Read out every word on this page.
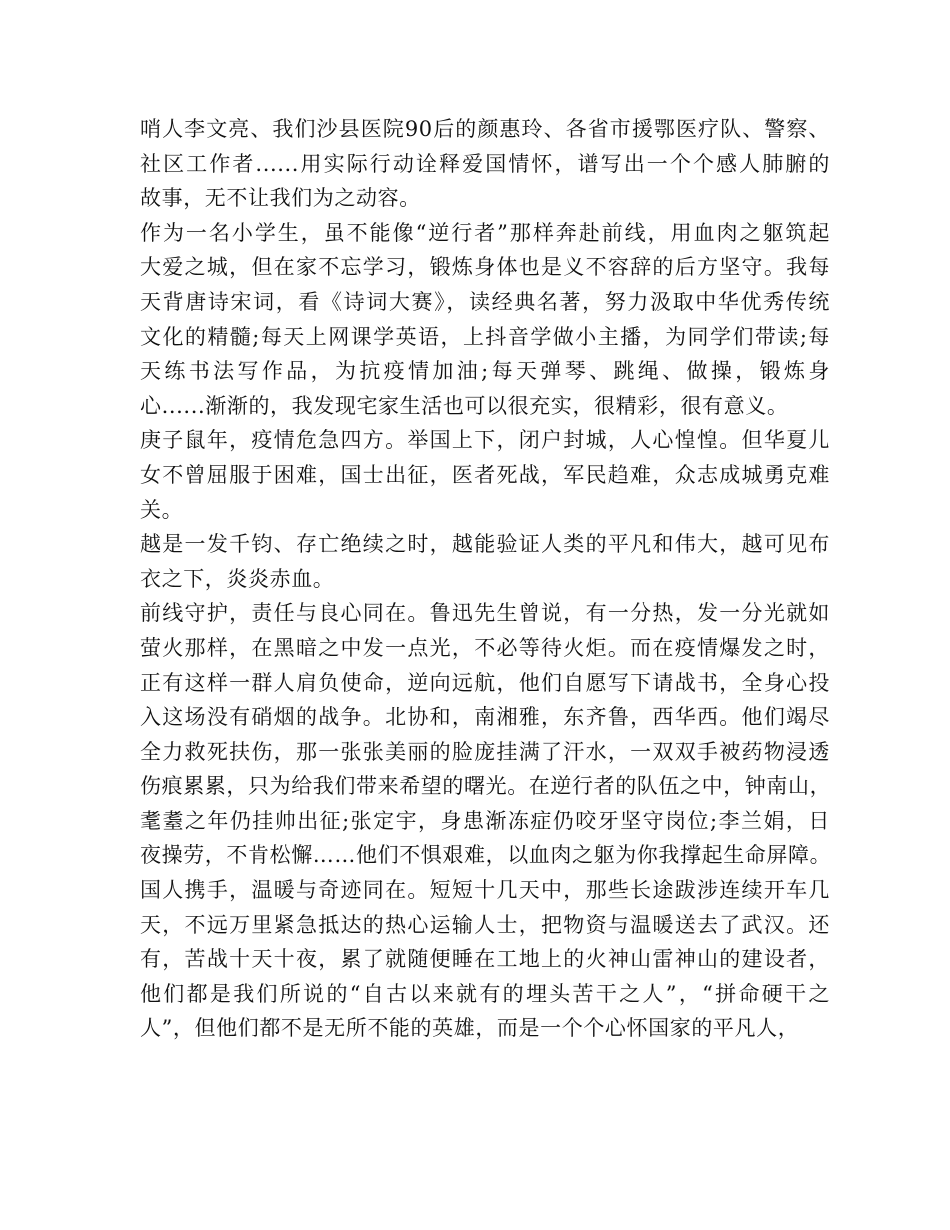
哨人李文亮、我们沙县医院90后的颜惠玲、各省市援鄂医疗队、警察、
社区工作者......用实际行动诠释爱国情怀，谱写出一个个感人肺腑的
故事，无不让我们为之动容。
作为一名小学生，虽不能像“逆行者”那样奔赴前线，用血肉之躯筑起
大爱之城，但在家不忘学习，锻炼身体也是义不容辞的后方坚守。我每
天背唐诗宋词，看《诗词大赛》，读经典名著，努力汲取中华优秀传统
文化的精髓;每天上网课学英语，上抖音学做小主播，为同学们带读;每
天练书法写作品，为抗疫情加油;每天弹琴、跳绳、做操，锻炼身
心......渐渐的，我发现宅家生活也可以很充实，很精彩，很有意义。
庚子鼠年，疫情危急四方。举国上下，闭户封城，人心惶惶。但华夏儿
女不曾屈服于困难，国士出征，医者死战，军民趋难，众志成城勇克难
关。
越是一发千钧、存亡绝续之时，越能验证人类的平凡和伟大，越可见布
衣之下，炎炎赤血。
前线守护，责任与良心同在。鲁迅先生曾说，有一分热，发一分光就如
萤火那样，在黑暗之中发一点光，不必等待火炬。而在疫情爆发之时，
正有这样一群人肩负使命，逆向远航，他们自愿写下请战书，全身心投
入这场没有硝烟的战争。北协和，南湘雅，东齐鲁，西华西。他们竭尽
全力救死扶伤，那一张张美丽的脸庞挂满了汗水，一双双手被药物浸透
伤痕累累，只为给我们带来希望的曙光。在逆行者的队伍之中，钟南山，
耄耋之年仍挂帅出征;张定宇，身患渐冻症仍咬牙坚守岗位;李兰娟，日
夜操劳，不肯松懈……他们不惧艰难，以血肉之躯为你我撑起生命屏障。
国人携手，温暖与奇迹同在。短短十几天中，那些长途跋涉连续开车几
天，不远万里紧急抵达的热心运输人士，把物资与温暖送去了武汉。还
有，苦战十天十夜，累了就随便睡在工地上的火神山雷神山的建设者，
他们都是我们所说的“自古以来就有的埋头苦干之人”，“拼命硬干之
人”，但他们都不是无所不能的英雄，而是一个个心怀国家的平凡人，
